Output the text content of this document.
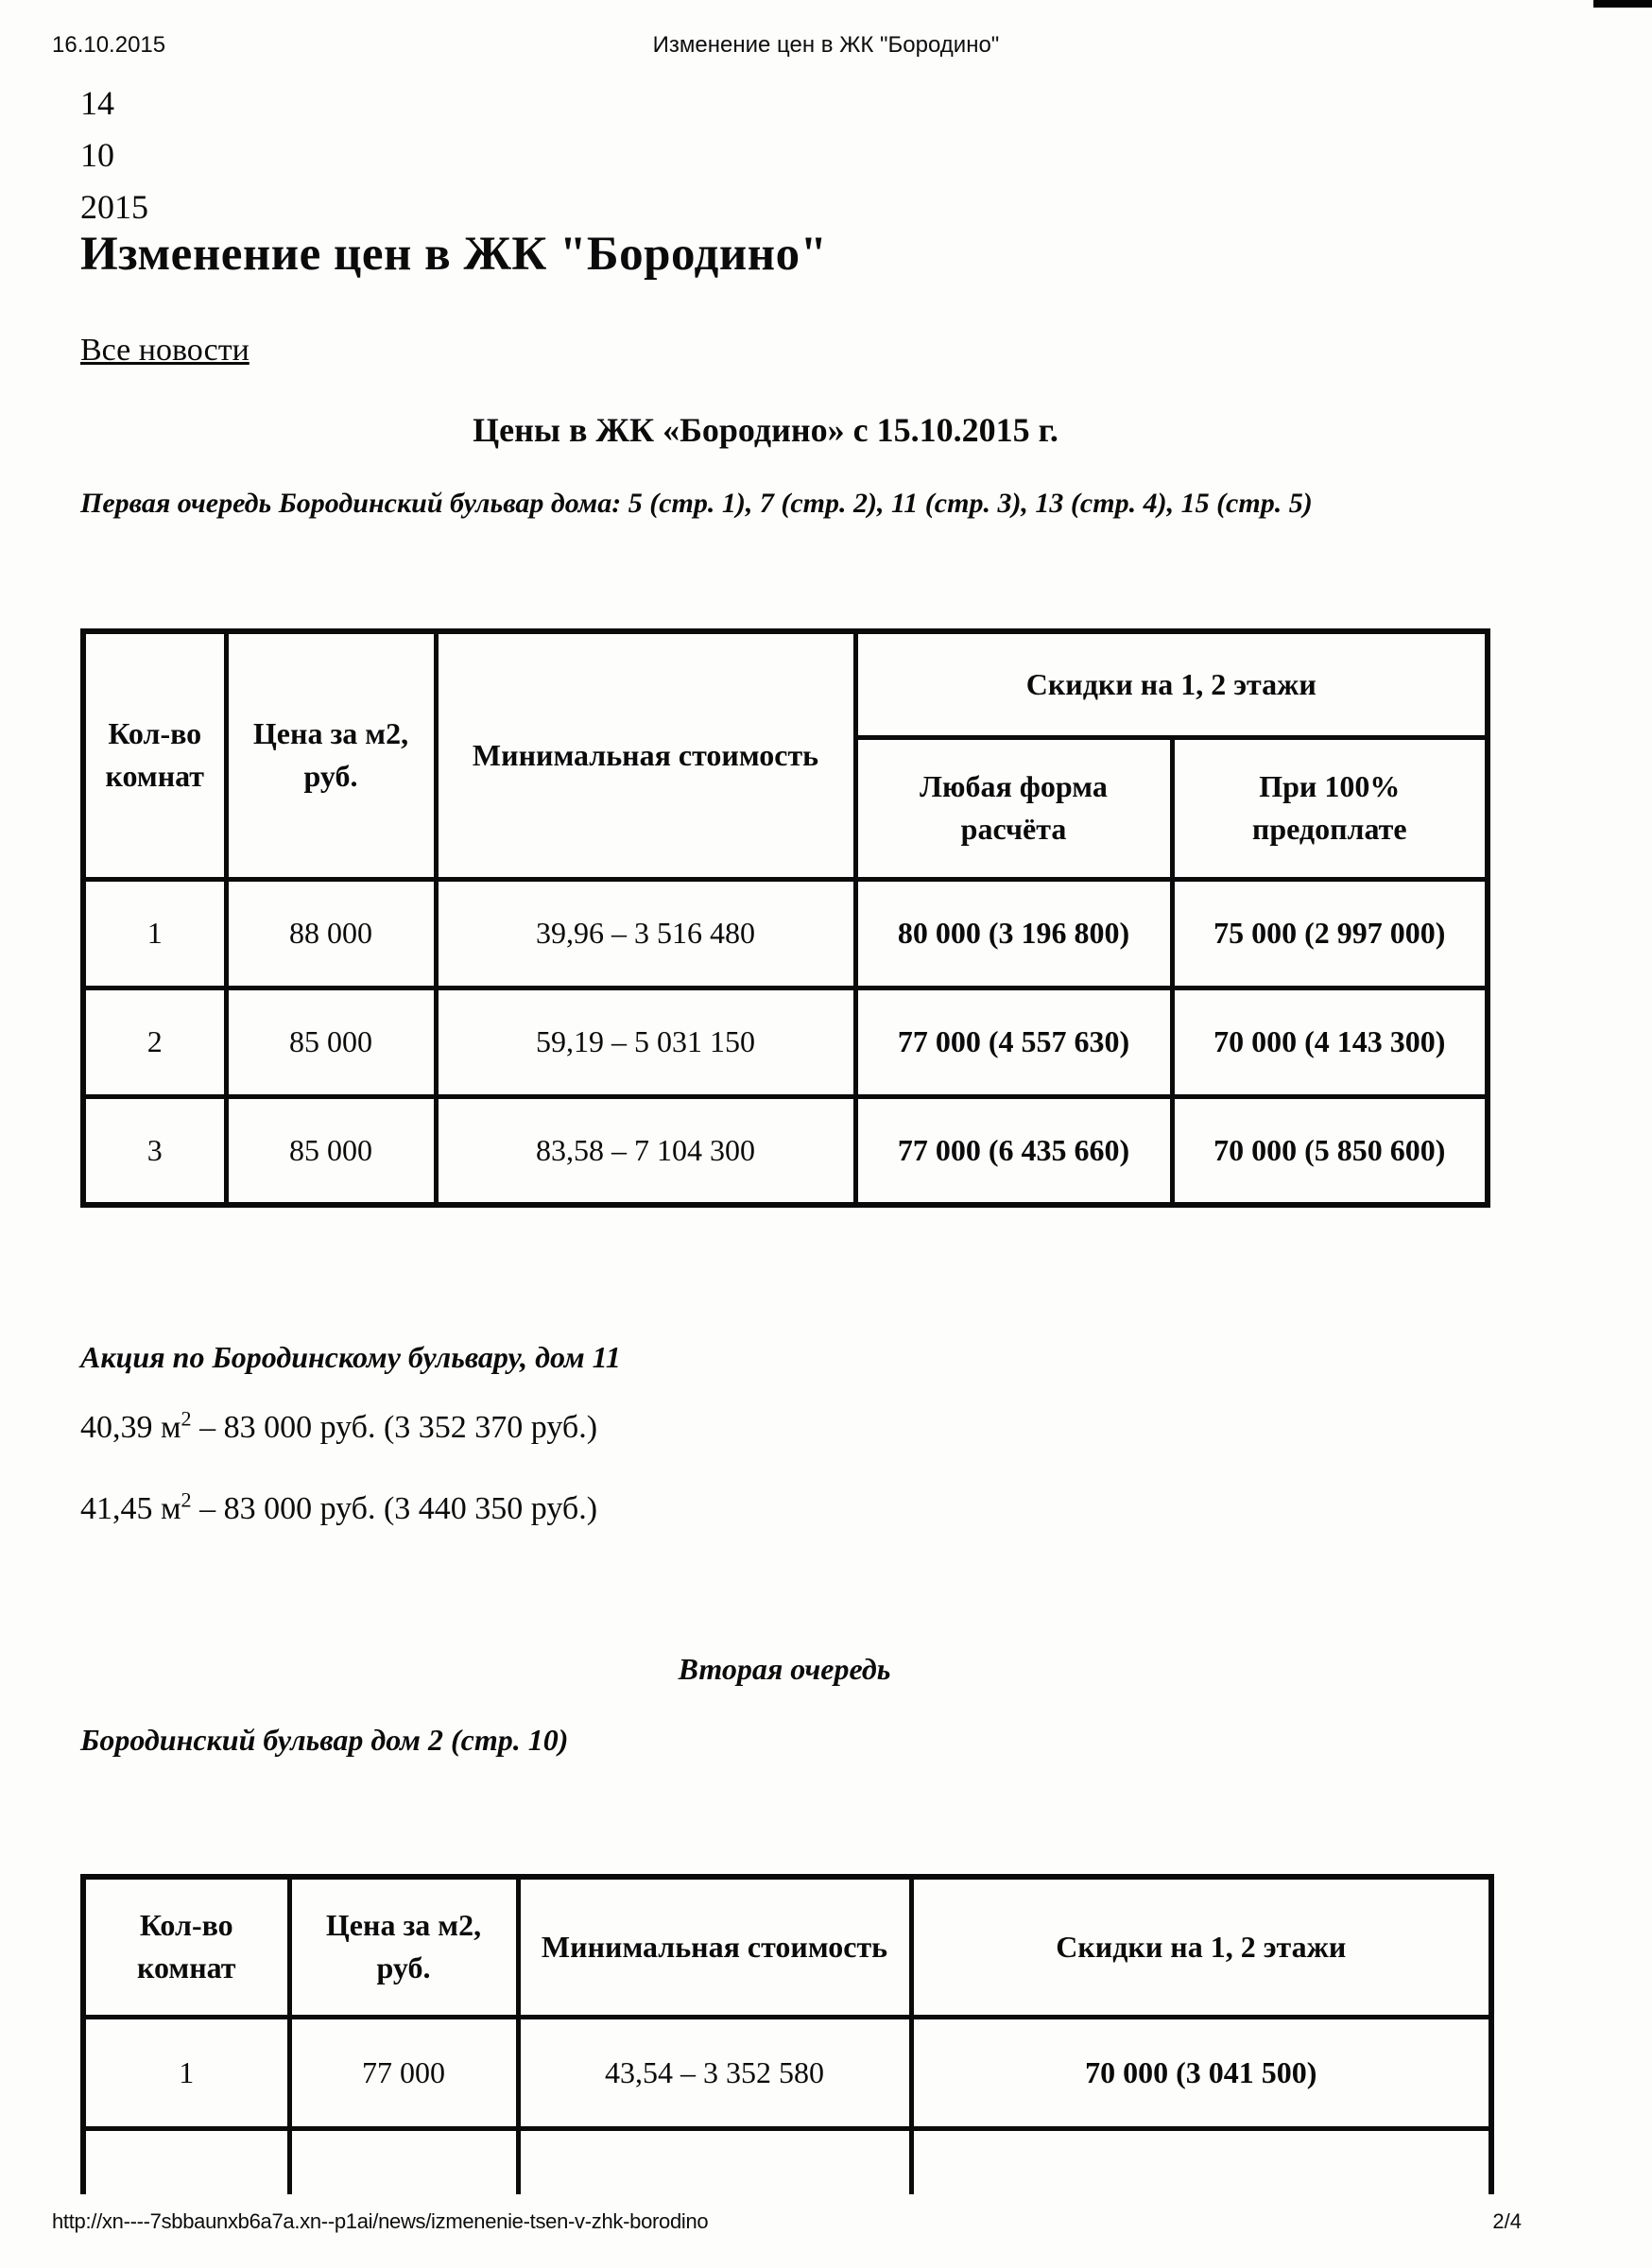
16.10.2015	Изменение цен в ЖК "Бородино"
14
10
2015
Изменение цен в ЖК "Бородино"
Все новости
Цены в ЖК «Бородино» с 15.10.2015 г.
Первая очередь Бородинский бульвар дома: 5 (стр. 1), 7 (стр. 2), 11 (стр. 3), 13 (стр. 4), 15 (стр. 5)
Кол-во комнат	Цена за м2, руб.	Минимальная стоимость	Скидки на 1, 2 этажи	
			Любая форма расчёта	При 100% предоплате
1	88 000	39,96 – 3 516 480	80 000 (3 196 800)	75 000 (2 997 000)
2	85 000	59,19 – 5 031 150	77 000 (4 557 630)	70 000 (4 143 300)
3	85 000	83,58 – 7 104 300	77 000 (6 435 660)	70 000 (5 850 600)
Акция по Бородинскому бульвару, дом 11
40,39 $м^2 - 83$ 000 руб. (3 352 370 руб.)
41,45 $м^2 - 83$ 000 руб. (3 440 350 руб.)
Вторая очередь
Бородинский бульвар дом 2 (стр. 10)
Кол-во комнат	Цена за м2, руб.	Минимальная стоимость	Скидки на 1, 2 этажи
1	77 000	43,54 – 3 352 580	70 000 (3 041 500)

http://xn----7sbbaunxb6a7a.xn--p1ai/news/izmenenie-tsen-v-zhk-borodino	2/4
